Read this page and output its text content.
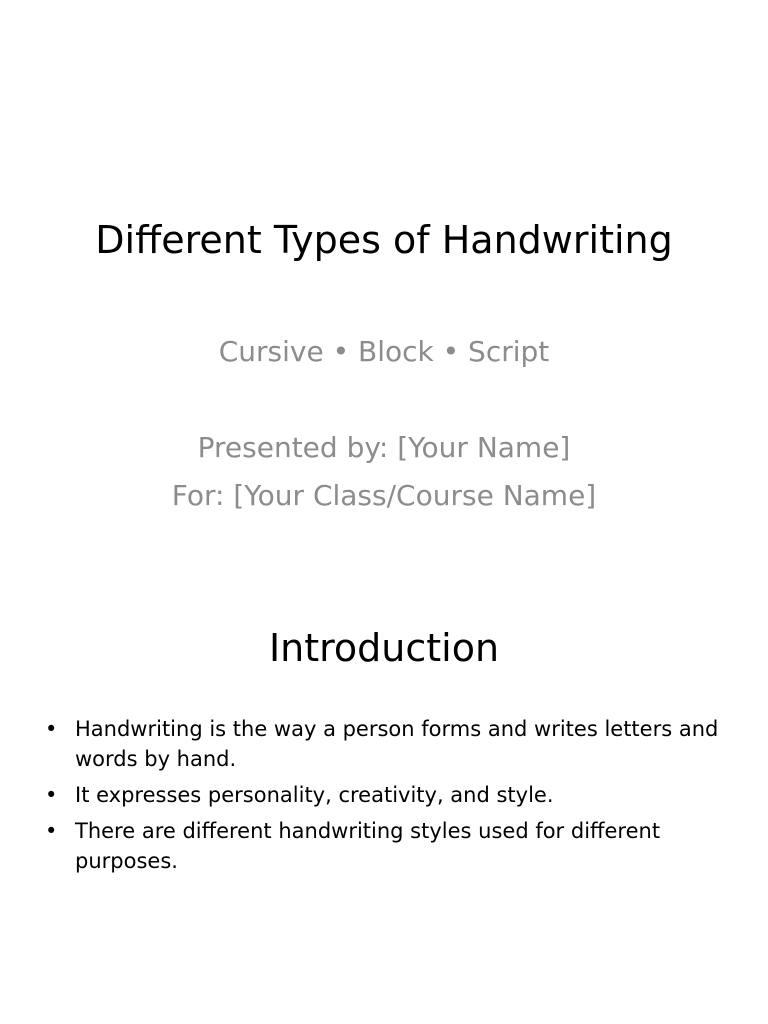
Different Types of Handwriting
Cursive • Block • Script
Presented by: [Your Name]
For: [Your Class/Course Name]
Introduction
• Handwriting is the way a person forms and writes letters and words by hand.
• It expresses personality, creativity, and style.
• There are different handwriting styles used for different purposes.
